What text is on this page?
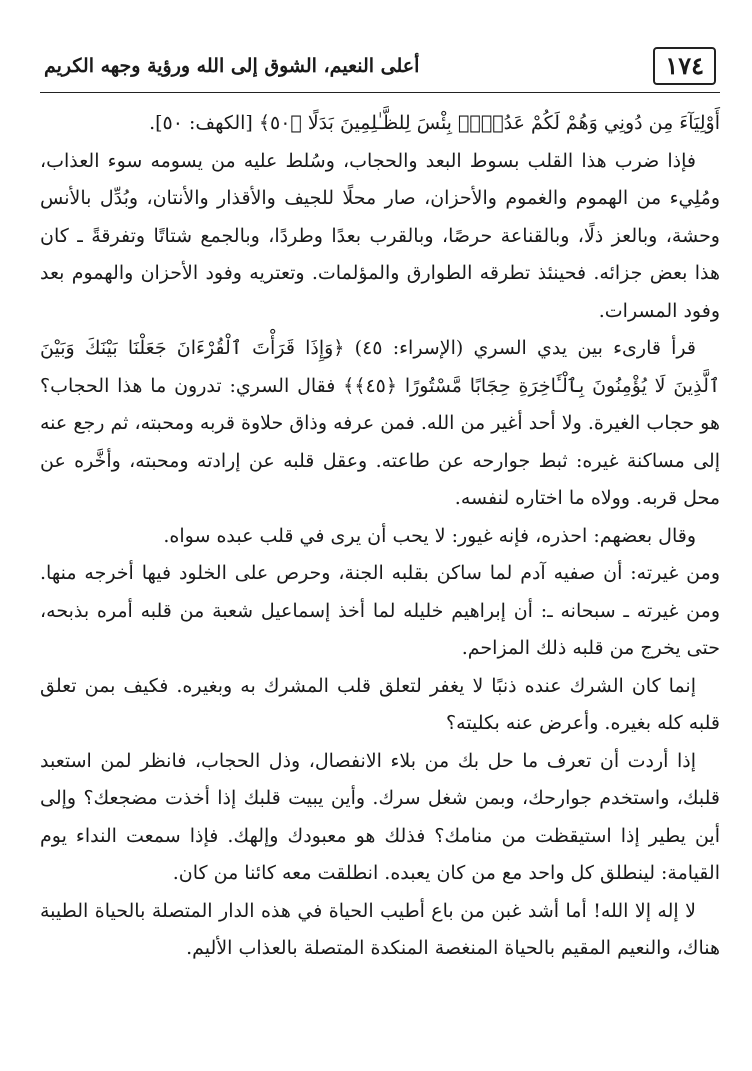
١٧٤
أعلى النعيم، الشوق إلى الله ورؤية وجهه الكريم

أَوْلِيَآءَ مِن دُونِي وَهُمْ لَكُمْ عَدُوٌّۢ بِئْسَ لِلظَّـٰلِمِينَ بَدَلًا ﴿٥٠﴾ [الكهف: ٥٠].

فإذا ضرب هذا القلب بسوط البعد والحجاب، وسُلط عليه من يسومه سوء العذاب، ومُلِيء من الهموم والغموم والأحزان، صار محلًا للجيف والأقذار والأنتان، وبُدِّل بالأنس وحشة، وبالعز ذلًا، وبالقناعة حرصًا، وبالقرب بعدًا وطردًا، وبالجمع شتاتًا وتفرقةً ـ كان هذا بعض جزائه. فحينئذ تطرقه الطوارق والمؤلمات. وتعتريه وفود الأحزان والهموم بعد وفود المسرات.

قرأ قارىء بين يدي السري (الإسراء: ٤٥) ﴿وَإِذَا قَرَأْتَ ٱلْقُرْءَانَ جَعَلْنَا بَيْنَكَ وَبَيْنَ ٱلَّذِينَ لَا يُؤْمِنُونَ بِٱلْـَٔاخِرَةِ حِجَابًا مَّسْتُورًا ﴿٤٥﴾﴾ فقال السري: تدرون ما هذا الحجاب؟ هو حجاب الغيرة. ولا أحد أغير من الله. فمن عرفه وذاق حلاوة قربه ومحبته، ثم رجع عنه إلى مساكنة غيره: ثبط جوارحه عن طاعته. وعقل قلبه عن إرادته ومحبته، وأخَّره عن محل قربه. وولاه ما اختاره لنفسه.

وقال بعضهم: احذره، فإنه غيور: لا يحب أن يرى في قلب عبده سواه.

ومن غيرته: أن صفيه آدم لما ساكن بقلبه الجنة، وحرص على الخلود فيها أخرجه منها. ومن غيرته ـ سبحانه ـ: أن إبراهيم خليله لما أخذ إسماعيل شعبة من قلبه أمره بذبحه، حتى يخرج من قلبه ذلك المزاحم.

إنما كان الشرك عنده ذنبًا لا يغفر لتعلق قلب المشرك به وبغيره. فكيف بمن تعلق قلبه كله بغيره. وأعرض عنه بكليته؟

إذا أردت أن تعرف ما حل بك من بلاء الانفصال، وذل الحجاب، فانظر لمن استعبد قلبك، واستخدم جوارحك، وبمن شغل سرك. وأين يبيت قلبك إذا أخذت مضجعك؟ وإلى أين يطير إذا استيقظت من منامك؟ فذلك هو معبودك وإلهك. فإذا سمعت النداء يوم القيامة: لينطلق كل واحد مع من كان يعبده. انطلقت معه كائنا من كان.

لا إله إلا الله! أما أشد غبن من باع أطيب الحياة في هذه الدار المتصلة بالحياة الطيبة هناك، والنعيم المقيم بالحياة المنغصة المنكدة المتصلة بالعذاب الأليم.
